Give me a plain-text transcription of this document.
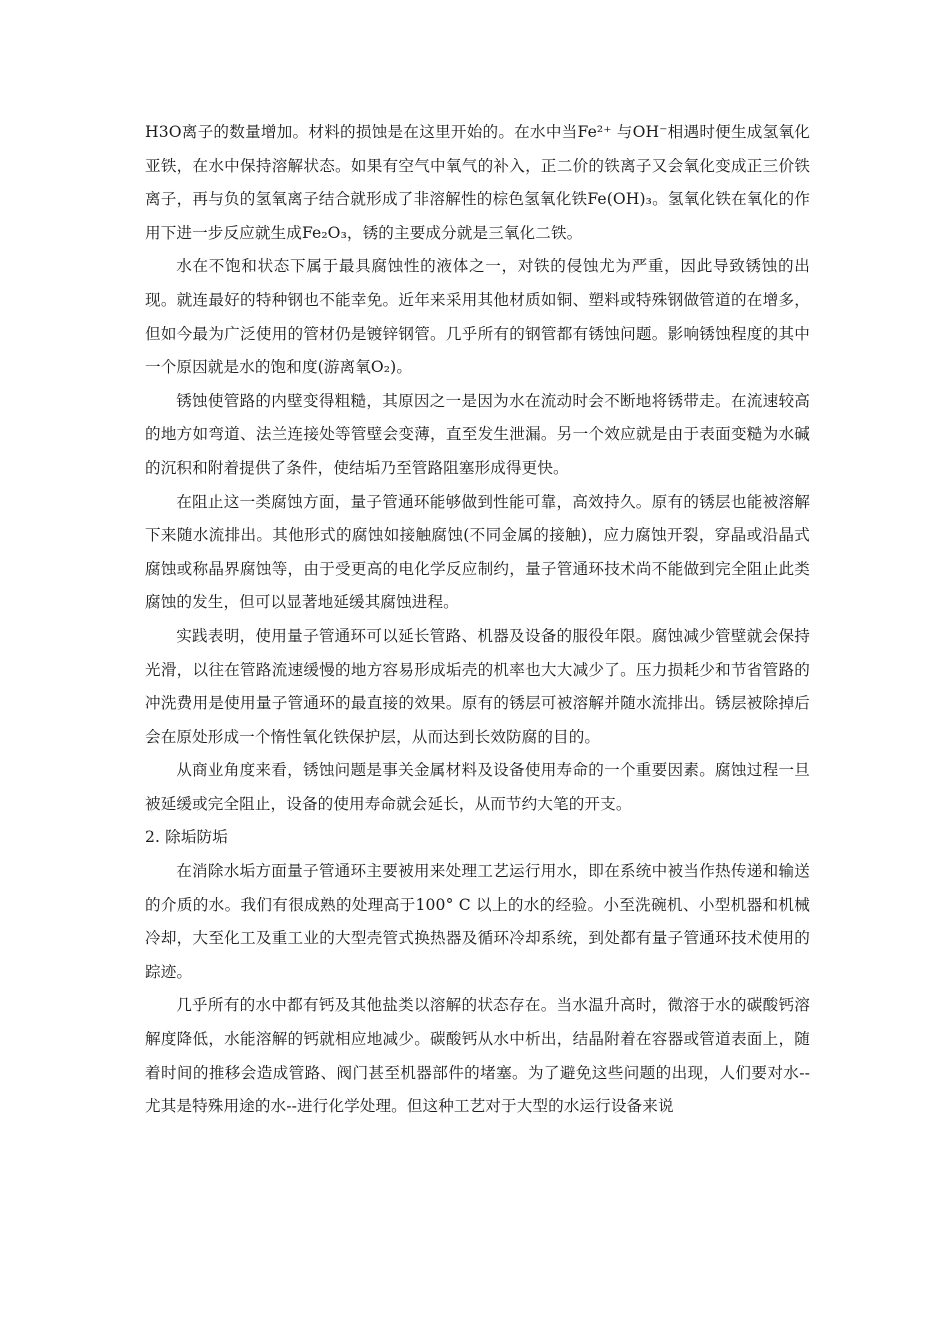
H3O离子的数量增加。材料的损蚀是在这里开始的。在水中当Fe²⁺ 与OH⁻相遇时便生成氢氧化亚铁，在水中保持溶解状态。如果有空气中氧气的补入，正二价的铁离子又会氧化变成正三价铁离子，再与负的氢氧离子结合就形成了非溶解性的棕色氢氧化铁Fe(OH)₃。氢氧化铁在氧化的作用下进一步反应就生成Fe₂O₃，锈的主要成分就是三氧化二铁。

水在不饱和状态下属于最具腐蚀性的液体之一，对铁的侵蚀尤为严重，因此导致锈蚀的出现。就连最好的特种钢也不能幸免。近年来采用其他材质如铜、塑料或特殊钢做管道的在增多，但如今最为广泛使用的管材仍是镀锌钢管。几乎所有的钢管都有锈蚀问题。影响锈蚀程度的其中一个原因就是水的饱和度(游离氧O₂)。

锈蚀使管路的内壁变得粗糙，其原因之一是因为水在流动时会不断地将锈带走。在流速较高的地方如弯道、法兰连接处等管壁会变薄，直至发生泄漏。另一个效应就是由于表面变糙为水碱的沉积和附着提供了条件，使结垢乃至管路阻塞形成得更快。

在阻止这一类腐蚀方面，量子管通环能够做到性能可靠，高效持久。原有的锈层也能被溶解下来随水流排出。其他形式的腐蚀如接触腐蚀(不同金属的接触)，应力腐蚀开裂，穿晶或沿晶式腐蚀或称晶界腐蚀等，由于受更高的电化学反应制约，量子管通环技术尚不能做到完全阻止此类腐蚀的发生，但可以显著地延缓其腐蚀进程。

实践表明，使用量子管通环可以延长管路、机器及设备的服役年限。腐蚀减少管壁就会保持光滑，以往在管路流速缓慢的地方容易形成垢壳的机率也大大减少了。压力损耗少和节省管路的冲洗费用是使用量子管通环的最直接的效果。原有的锈层可被溶解并随水流排出。锈层被除掉后会在原处形成一个惰性氧化铁保护层，从而达到长效防腐的目的。

从商业角度来看，锈蚀问题是事关金属材料及设备使用寿命的一个重要因素。腐蚀过程一旦被延缓或完全阻止，设备的使用寿命就会延长，从而节约大笔的开支。

2. 除垢防垢

在消除水垢方面量子管通环主要被用来处理工艺运行用水，即在系统中被当作热传递和输送的介质的水。我们有很成熟的处理高于100° C 以上的水的经验。小至洗碗机、小型机器和机械冷却，大至化工及重工业的大型壳管式换热器及循环冷却系统，到处都有量子管通环技术使用的踪迹。

几乎所有的水中都有钙及其他盐类以溶解的状态存在。当水温升高时，微溶于水的碳酸钙溶解度降低，水能溶解的钙就相应地减少。碳酸钙从水中析出，结晶附着在容器或管道表面上，随着时间的推移会造成管路、阀门甚至机器部件的堵塞。为了避免这些问题的出现，人们要对水--尤其是特殊用途的水--进行化学处理。但这种工艺对于大型的水运行设备来说
